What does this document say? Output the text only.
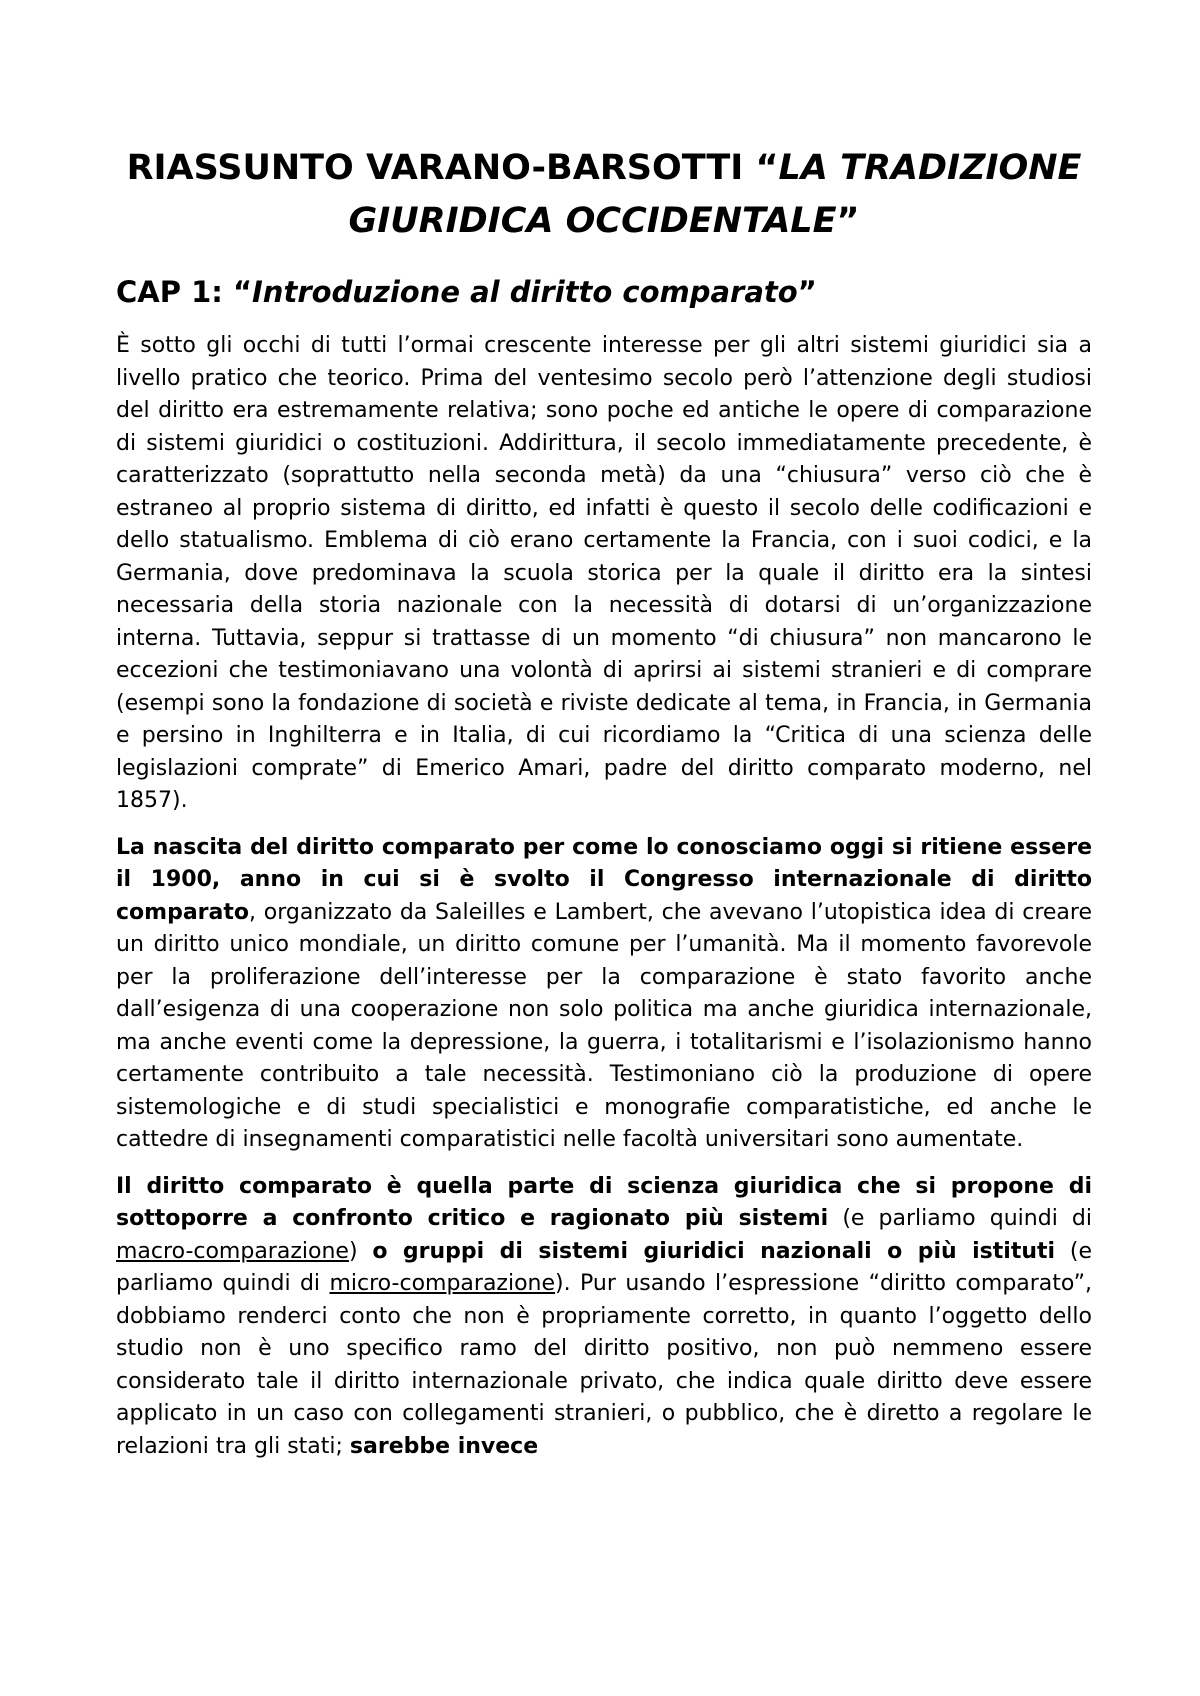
RIASSUNTO VARANO-BARSOTTI “LA TRADIZIONE GIURIDICA OCCIDENTALE”
CAP 1: “Introduzione al diritto comparato”

È sotto gli occhi di tutti l’ormai crescente interesse per gli altri sistemi giuridici sia a livello pratico che teorico. Prima del ventesimo secolo però l’attenzione degli studiosi del diritto era estremamente relativa; sono poche ed antiche le opere di comparazione di sistemi giuridici o costituzioni. Addirittura, il secolo immediatamente precedente, è caratterizzato (soprattutto nella seconda metà) da una “chiusura” verso ciò che è estraneo al proprio sistema di diritto, ed infatti è questo il secolo delle codificazioni e dello statualismo. Emblema di ciò erano certamente la Francia, con i suoi codici, e la Germania, dove predominava la scuola storica per la quale il diritto era la sintesi necessaria della storia nazionale con la necessità di dotarsi di un’organizzazione interna. Tuttavia, seppur si trattasse di un momento “di chiusura” non mancarono le eccezioni che testimoniavano una volontà di aprirsi ai sistemi stranieri e di comprare (esempi sono la fondazione di società e riviste dedicate al tema, in Francia, in Germania e persino in Inghilterra e in Italia, di cui ricordiamo la “Critica di una scienza delle legislazioni comprate” di Emerico Amari, padre del diritto comparato moderno, nel 1857).

La nascita del diritto comparato per come lo conosciamo oggi si ritiene essere il 1900, anno in cui si è svolto il Congresso internazionale di diritto comparato, organizzato da Saleilles e Lambert, che avevano l’utopistica idea di creare un diritto unico mondiale, un diritto comune per l’umanità. Ma il momento favorevole per la proliferazione dell’interesse per la comparazione è stato favorito anche dall’esigenza di una cooperazione non solo politica ma anche giuridica internazionale, ma anche eventi come la depressione, la guerra, i totalitarismi e l’isolazionismo hanno certamente contribuito a tale necessità. Testimoniano ciò la produzione di opere sistemologiche e di studi specialistici e monografie comparatistiche, ed anche le cattedre di insegnamenti comparatistici nelle facoltà universitari sono aumentate.

Il diritto comparato è quella parte di scienza giuridica che si propone di sottoporre a confronto critico e ragionato più sistemi (e parliamo quindi di macro-comparazione) o gruppi di sistemi giuridici nazionali o più istituti (e parliamo quindi di micro-comparazione). Pur usando l’espressione “diritto comparato”, dobbiamo renderci conto che non è propriamente corretto, in quanto l’oggetto dello studio non è uno specifico ramo del diritto positivo, non può nemmeno essere considerato tale il diritto internazionale privato, che indica quale diritto deve essere applicato in un caso con collegamenti stranieri, o pubblico, che è diretto a regolare le relazioni tra gli stati; sarebbe invece
